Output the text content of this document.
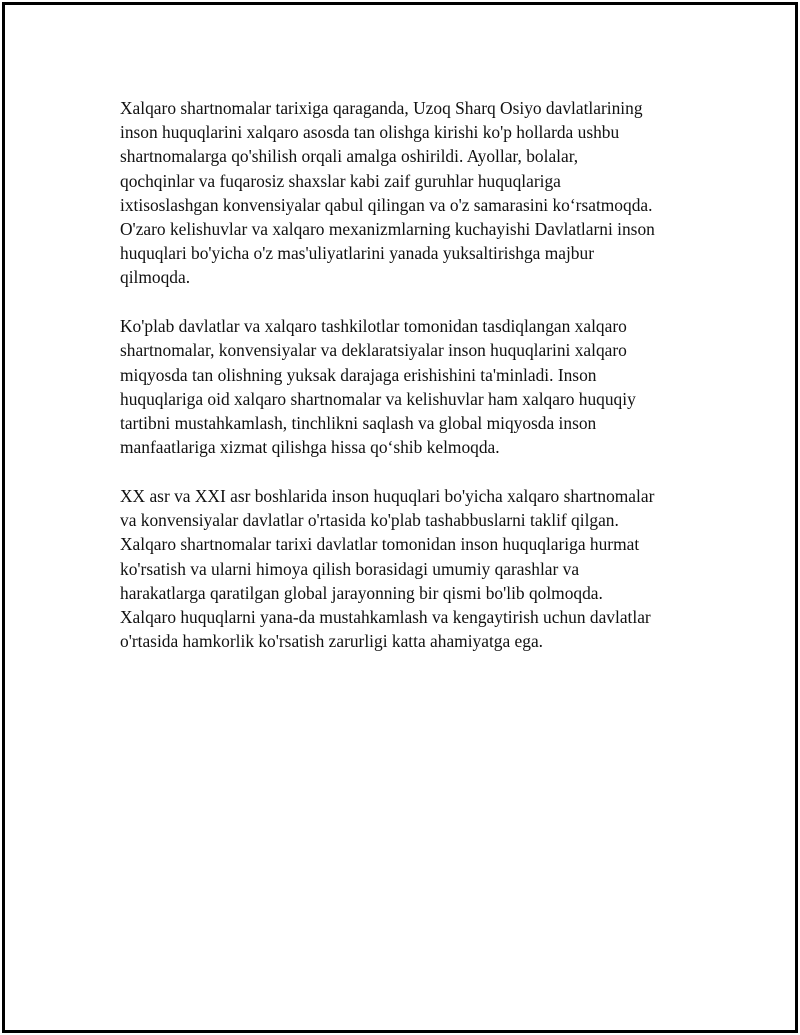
Xalqaro shartnomalar tarixiga qaraganda, Uzoq Sharq Osiyo davlatlarining
inson huquqlarini xalqaro asosda tan olishga kirishi ko'p hollarda ushbu
shartnomalarga qo'shilish orqali amalga oshirildi. Ayollar, bolalar,
qochqinlar va fuqarosiz shaxslar kabi zaif guruhlar huquqlariga
ixtisoslashgan konvensiyalar qabul qilingan va o'z samarasini ko‘rsatmoqda.
O'zaro kelishuvlar va xalqaro mexanizmlarning kuchayishi Davlatlarni inson
huquqlari bo'yicha o'z mas'uliyatlarini yanada yuksaltirishga majbur
qilmoqda.

Ko'plab davlatlar va xalqaro tashkilotlar tomonidan tasdiqlangan xalqaro
shartnomalar, konvensiyalar va deklaratsiyalar inson huquqlarini xalqaro
miqyosda tan olishning yuksak darajaga erishishini ta'minladi. Inson
huquqlariga oid xalqaro shartnomalar va kelishuvlar ham xalqaro huquqiy
tartibni mustahkamlash, tinchlikni saqlash va global miqyosda inson
manfaatlariga xizmat qilishga hissa qo‘shib kelmoqda.

XX asr va XXI asr boshlarida inson huquqlari bo'yicha xalqaro shartnomalar
va konvensiyalar davlatlar o'rtasida ko'plab tashabbuslarni taklif qilgan.
Xalqaro shartnomalar tarixi davlatlar tomonidan inson huquqlariga hurmat
ko'rsatish va ularni himoya qilish borasidagi umumiy qarashlar va
harakatlarga qaratilgan global jarayonning bir qismi bo'lib qolmoqda.
Xalqaro huquqlarni yana-da mustahkamlash va kengaytirish uchun davlatlar
o'rtasida hamkorlik ko'rsatish zarurligi katta ahamiyatga ega.
